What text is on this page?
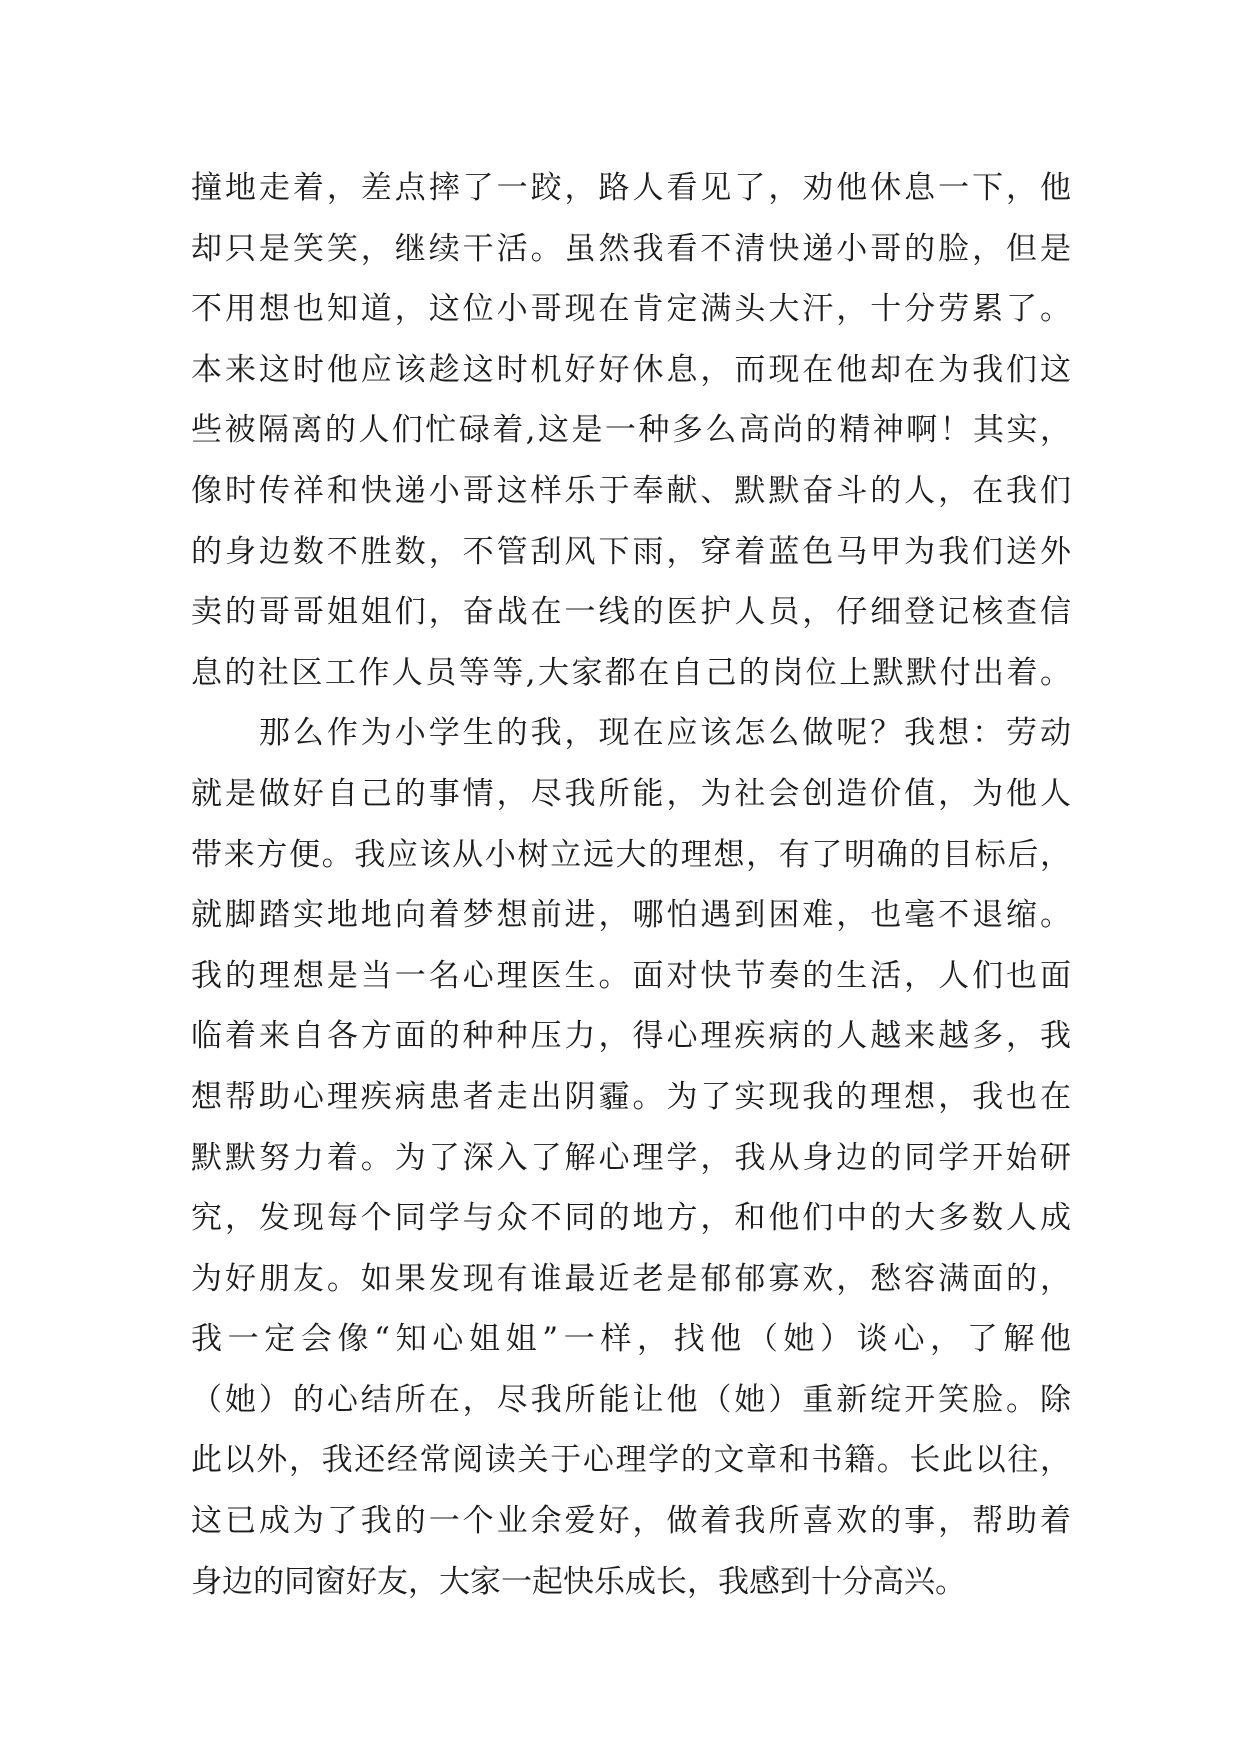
撞地走着，差点摔了一跤，路人看见了，劝他休息一下，他
却只是笑笑，继续干活。虽然我看不清快递小哥的脸，但是
不用想也知道，这位小哥现在肯定满头大汗，十分劳累了。
本来这时他应该趁这时机好好休息，而现在他却在为我们这
些被隔离的人们忙碌着,这是一种多么高尚的精神啊！其实，
像时传祥和快递小哥这样乐于奉献、默默奋斗的人，在我们
的身边数不胜数，不管刮风下雨，穿着蓝色马甲为我们送外
卖的哥哥姐姐们，奋战在一线的医护人员，仔细登记核查信
息的社区工作人员等等,大家都在自己的岗位上默默付出着。
　　那么作为小学生的我，现在应该怎么做呢？我想：劳动
就是做好自己的事情，尽我所能，为社会创造价值，为他人
带来方便。我应该从小树立远大的理想，有了明确的目标后，
就脚踏实地地向着梦想前进，哪怕遇到困难，也毫不退缩。
我的理想是当一名心理医生。面对快节奏的生活，人们也面
临着来自各方面的种种压力，得心理疾病的人越来越多，我
想帮助心理疾病患者走出阴霾。为了实现我的理想，我也在
默默努力着。为了深入了解心理学，我从身边的同学开始研
究，发现每个同学与众不同的地方，和他们中的大多数人成
为好朋友。如果发现有谁最近老是郁郁寡欢，愁容满面的，
我一定会像“知心姐姐”一样，找他（她）谈心，了解他
（她）的心结所在，尽我所能让他（她）重新绽开笑脸。除
此以外，我还经常阅读关于心理学的文章和书籍。长此以往，
这已成为了我的一个业余爱好，做着我所喜欢的事，帮助着
身边的同窗好友，大家一起快乐成长，我感到十分高兴。
